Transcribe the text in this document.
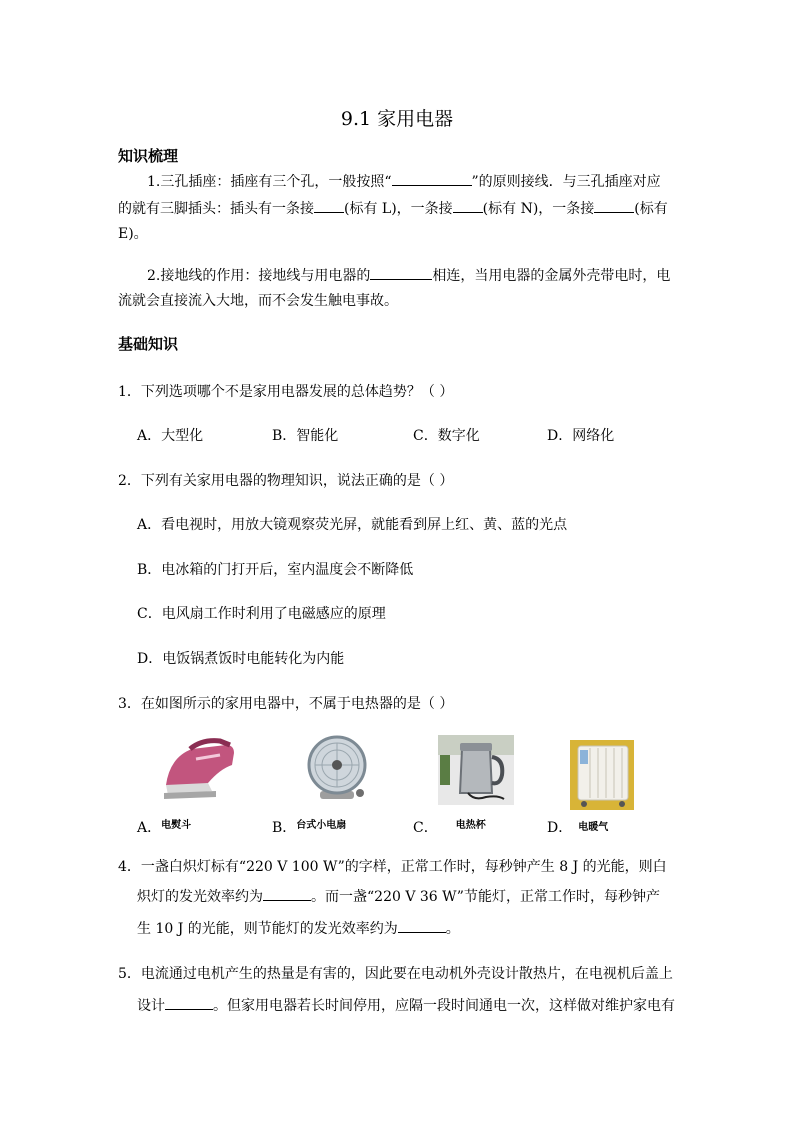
9.1 家用电器
知识梳理
1.三孔插座：插座有三个孔，一般按照“	”的原则接线．与三孔插座对应
的就有三脚插头：插头有一条接 (标有 L)，一条接 (标有 N)，一条接	(标有
E)。
2.接地线的作用：接地线与用电器的	相连，当用电器的金属外壳带电时，电
流就会直接流入大地，而不会发生触电事故。
基础知识
1．下列选项哪个不是家用电器发展的总体趋势？（ ）
A．大型化	B．智能化	C．数字化	D．网络化
2．下列有关家用电器的物理知识，说法正确的是（ ）
A．看电视时，用放大镜观察荧光屏，就能看到屏上红、黄、蓝的光点
B．电冰箱的门打开后，室内温度会不断降低
C．电风扇工作时利用了电磁感应的原理
D．电饭锅煮饭时电能转化为内能
3．在如图所示的家用电器中，不属于电热器的是（ ）
A．$^{电熨斗}$	B．$^{台式小电扇}$	C． $^{电热杯}$	D． 电暖气
4．一盏白炽灯标有“220 V 100 W”的字样，正常工作时，每秒钟产生 8 J 的光能，则白
炽灯的发光效率约为	。而一盏“220 V 36 W”节能灯，正常工作时，每秒钟产
生 10 J 的光能，则节能灯的发光效率约为	。
5．电流通过电机产生的热量是有害的，因此要在电动机外壳设计散热片，在电视机后盖上
设计	。但家用电器若长时间停用，应隔一段时间通电一次，这样做对维护家电有
